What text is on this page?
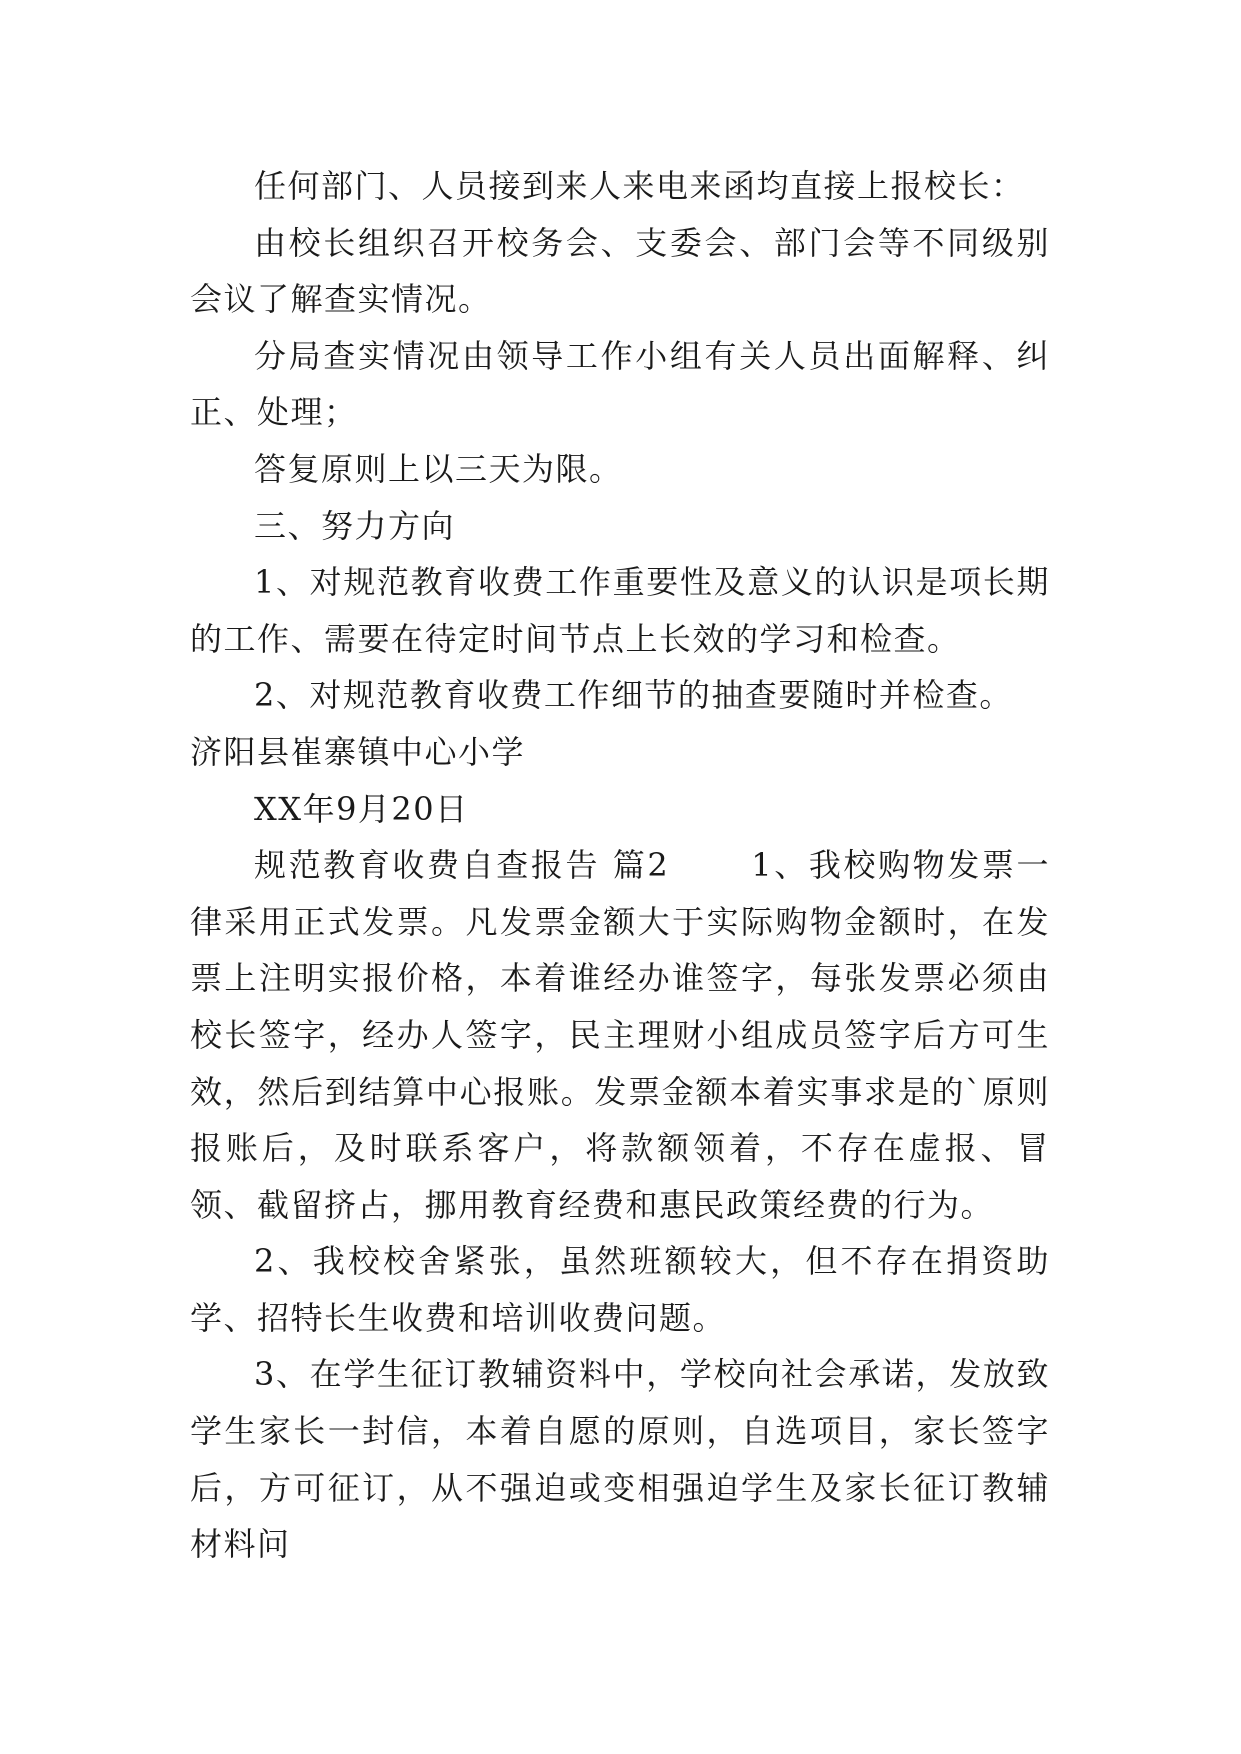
任何部门、人员接到来人来电来函均直接上报校长：

由校长组织召开校务会、支委会、部门会等不同级别会议了解查实情况。

分局查实情况由领导工作小组有关人员出面解释、纠正、处理；

答复原则上以三天为限。

三、努力方向

1、对规范教育收费工作重要性及意义的认识是项长期的工作、需要在待定时间节点上长效的学习和检查。

2、对规范教育收费工作细节的抽查要随时并检查。

济阳县崔寨镇中心小学

XX年9月20日

规范教育收费自查报告 篇2 　　1、我校购物发票一律采用正式发票。凡发票金额大于实际购物金额时，在发票上注明实报价格，本着谁经办谁签字，每张发票必须由校长签字，经办人签字，民主理财小组成员签字后方可生效，然后到结算中心报账。发票金额本着实事求是的`原则报账后，及时联系客户，将款额领着，不存在虚报、冒领、截留挤占，挪用教育经费和惠民政策经费的行为。

2、我校校舍紧张，虽然班额较大，但不存在捐资助学、招特长生收费和培训收费问题。

3、在学生征订教辅资料中，学校向社会承诺，发放致学生家长一封信，本着自愿的原则，自选项目，家长签字后，方可征订，从不强迫或变相强迫学生及家长征订教辅材料问
